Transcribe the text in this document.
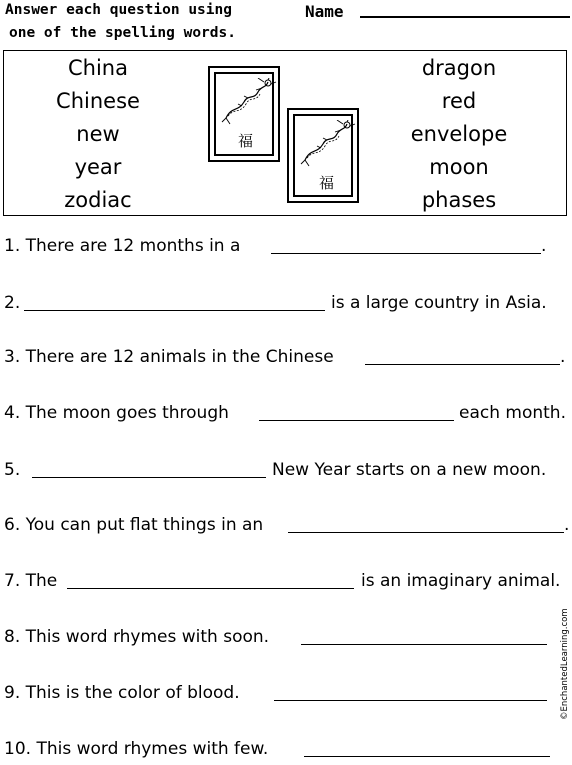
Answer each question using
one of the spelling words.
Name
China
Chinese
new
year
zodiac
dragon
red
envelope
moon
phases
福
福
1. There are 12 months in a	.
2.	is a large country in Asia.
3. There are 12 animals in the Chinese	.
4. The moon goes through	each month.
5.	New Year starts on a new moon.
6. You can put flat things in an	.
7. The	is an imaginary animal.
8. This word rhymes with soon.
9. This is the color of blood.
10. This word rhymes with few.
©EnchantedLearning.com
